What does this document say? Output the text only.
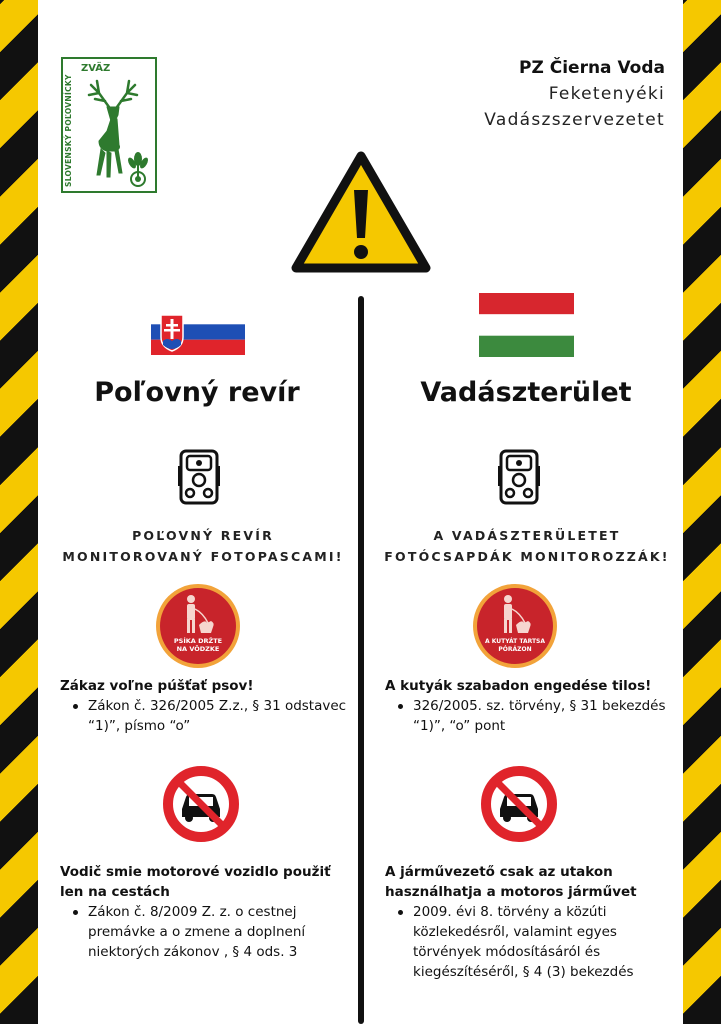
SLOVENSKÝ POĽOVNÍCKY
ZVÄZ	PZ Čierna Voda
Feketenyéki
Vadászszervezetet
Poľovný revír	Vadászterület
POĽOVNÝ REVÍR
MONITOROVANÝ FOTOPASCAMI!
A VADÁSZTERÜLETET
FOTÓCSAPDÁK MONITOROZZÁK!
PSÍKA DRŽTE
NA VÔDZKE
A KUTYÁT TARTSA
PÓRÁZON
Zákaz voľne púšťať psov!
Zákon č. 326/2005 Z.z., § 31 odstavec “1)”, písmo “o”
A kutyák szabadon engedése tilos!
326/2005. sz. törvény, § 31 bekezdés “1)”, “o” pont
Vodič smie motorové vozidlo použiť len na cestách
Zákon č. 8/2009 Z. z. o cestnej premávke a o zmene a doplnení niektorých zákonov , § 4 ods. 3
A járművezető csak az utakon használhatja a motoros járművet
2009. évi 8. törvény a közúti közlekedésről, valamint egyes törvények módosításáról és kiegészítéséről, § 4 (3) bekezdés
